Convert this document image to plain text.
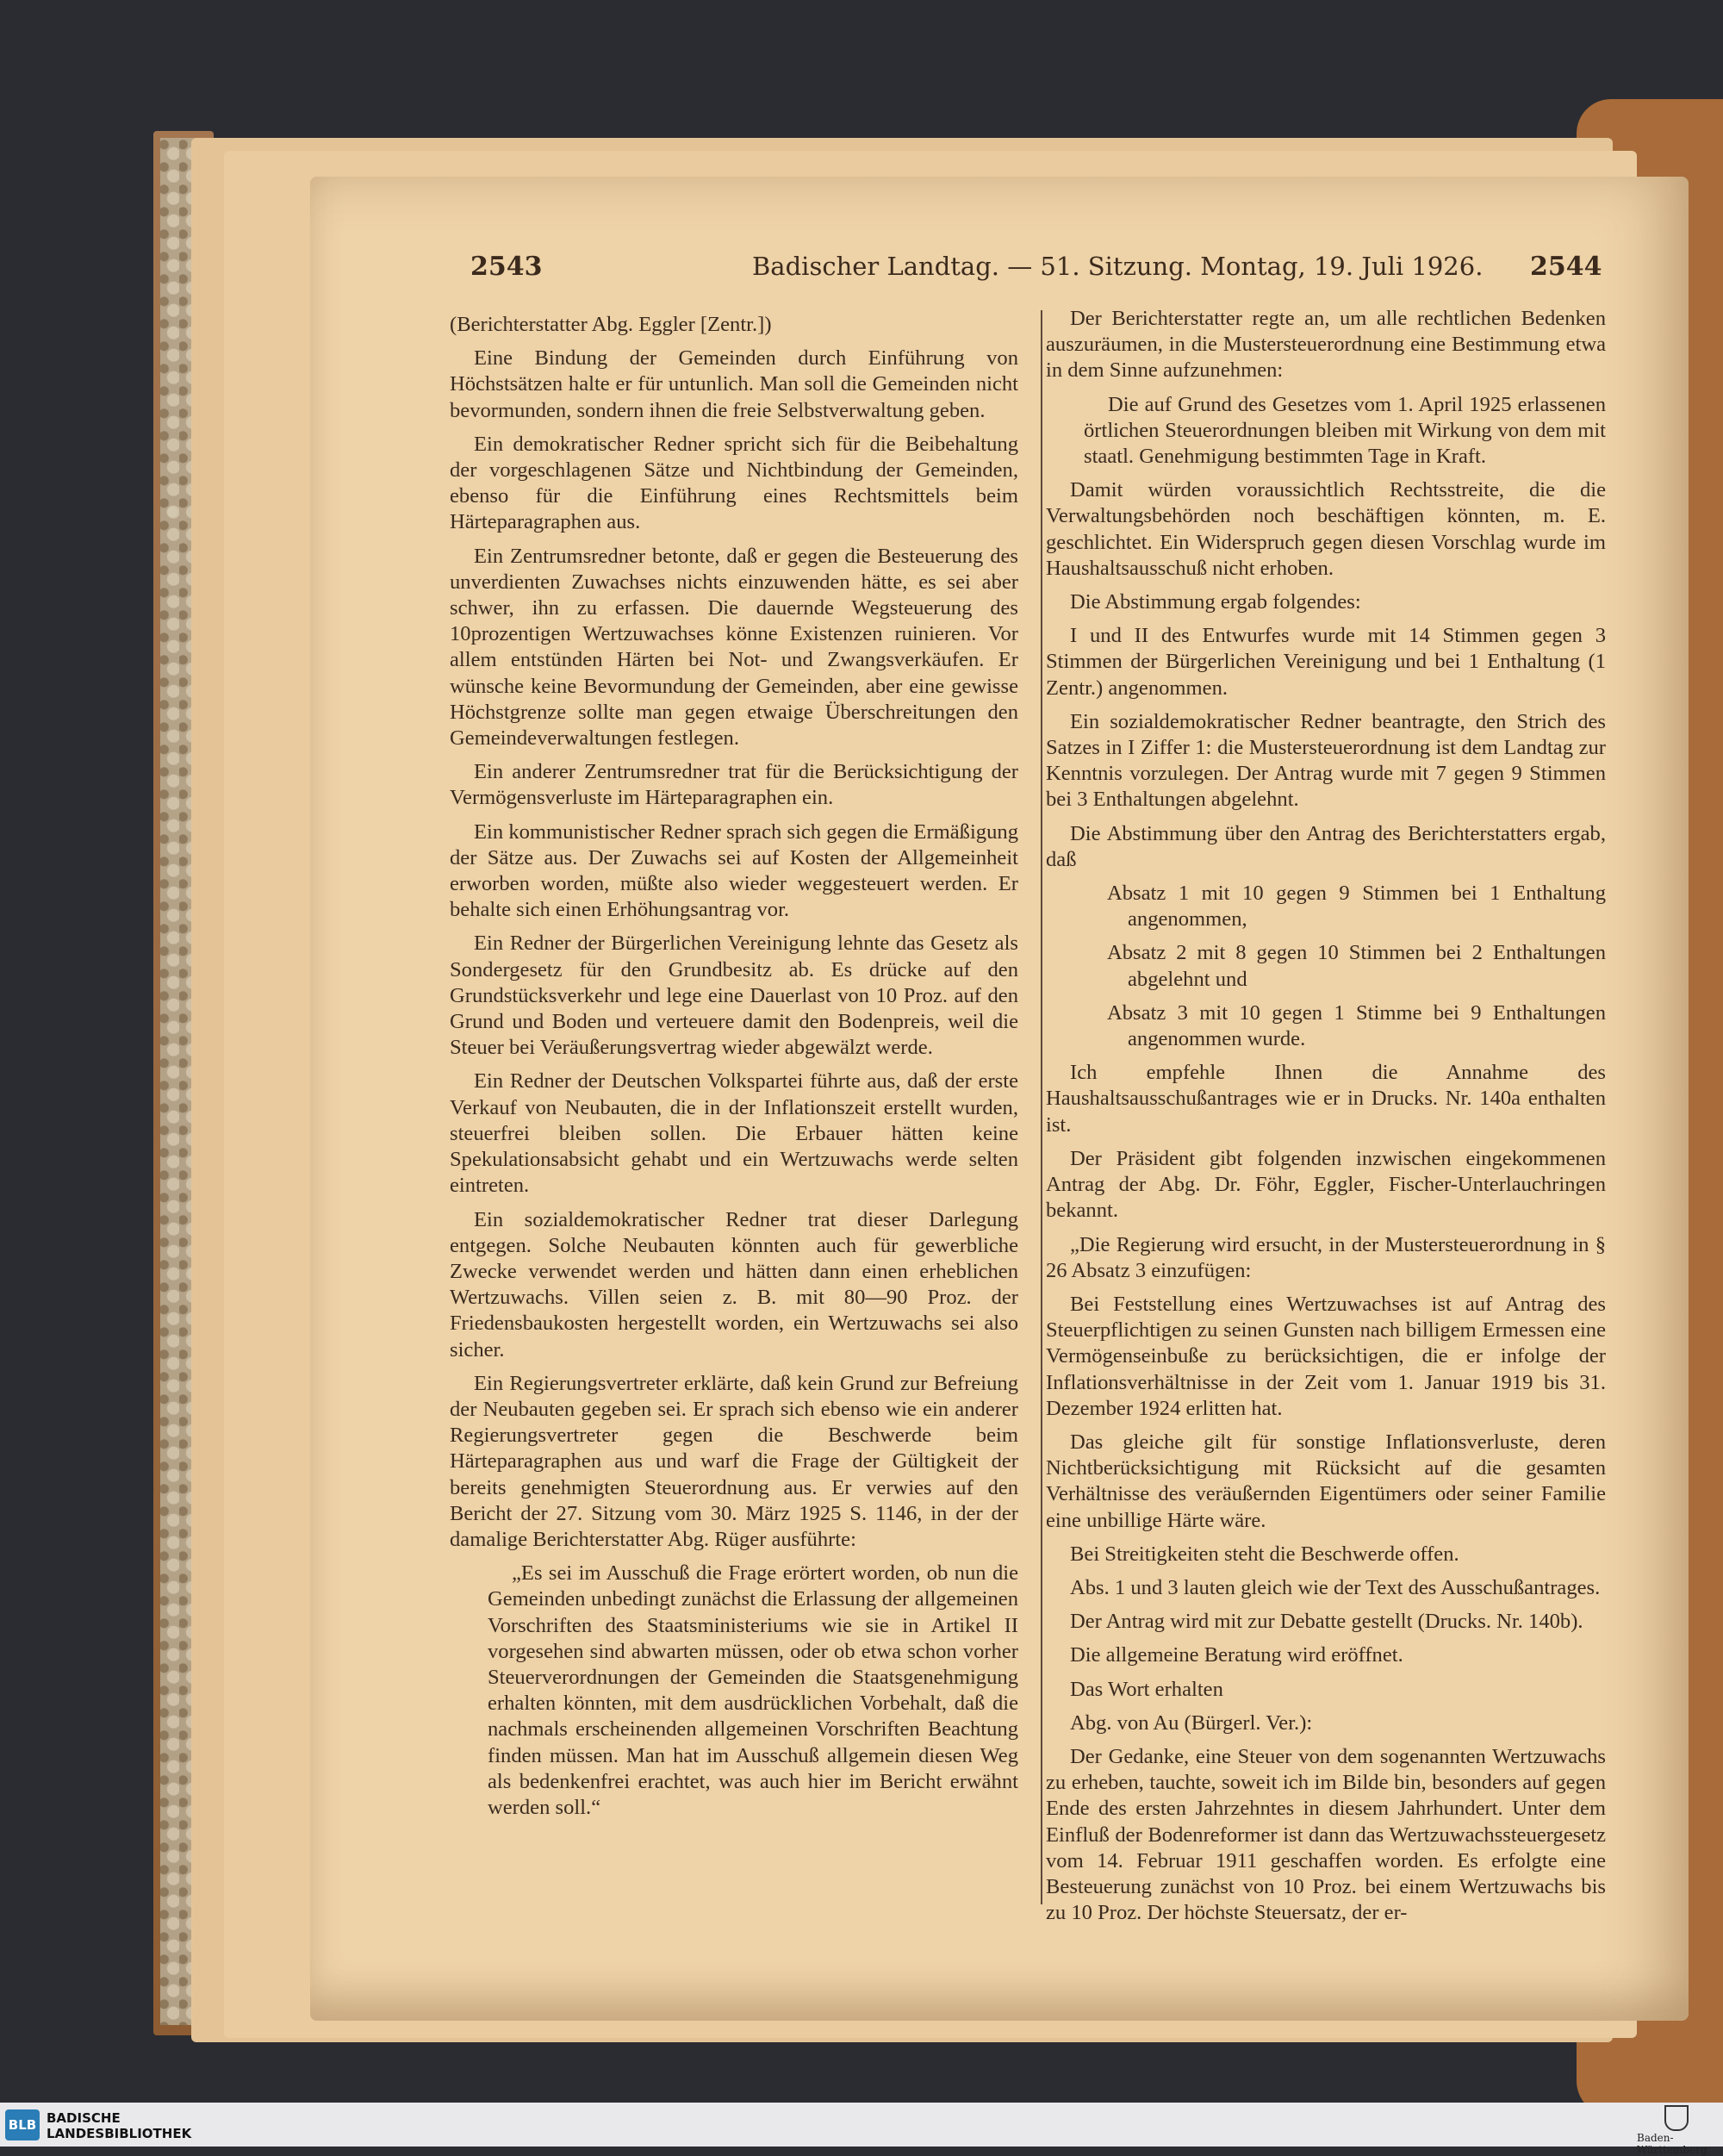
2543	Badischer Landtag. — 51. Sitzung. Montag, 19. Juli 1926. 2544

(Berichterstatter Abg. Eggler [Zentr.])

Eine Bindung der Gemeinden durch Einführung von Höchstsätzen halte er für untunlich. Man soll die Gemeinden nicht bevormunden, sondern ihnen die freie Selbstverwaltung geben.

Ein demokratischer Redner spricht sich für die Beibehaltung der vorgeschlagenen Sätze und Nichtbindung der Gemeinden, ebenso für die Einführung eines Rechtsmittels beim Härteparagraphen aus.

Ein Zentrumsredner betonte, daß er gegen die Besteuerung des unverdienten Zuwachses nichts einzuwenden hätte, es sei aber schwer, ihn zu erfassen. Die dauernde Wegsteuerung des 10prozentigen Wertzuwachses könne Existenzen ruinieren. Vor allem entstünden Härten bei Not- und Zwangsverkäufen. Er wünsche keine Bevormundung der Gemeinden, aber eine gewisse Höchstgrenze sollte man gegen etwaige Überschreitungen den Gemeindeverwaltungen festlegen.

Ein anderer Zentrumsredner trat für die Berücksichtigung der Vermögensverluste im Härteparagraphen ein.

Ein kommunistischer Redner sprach sich gegen die Ermäßigung der Sätze aus. Der Zuwachs sei auf Kosten der Allgemeinheit erworben worden, müßte also wieder weggesteuert werden. Er behalte sich einen Erhöhungsantrag vor.

Ein Redner der Bürgerlichen Vereinigung lehnte das Gesetz als Sondergesetz für den Grundbesitz ab. Es drücke auf den Grundstücksverkehr und lege eine Dauerlast von 10 Proz. auf den Grund und Boden und verteuere damit den Bodenpreis, weil die Steuer bei Veräußerungsvertrag wieder abgewälzt werde.

Ein Redner der Deutschen Volkspartei führte aus, daß der erste Verkauf von Neubauten, die in der Inflationszeit erstellt wurden, steuerfrei bleiben sollen. Die Erbauer hätten keine Spekulationsabsicht gehabt und ein Wertzuwachs werde selten eintreten.

Ein sozialdemokratischer Redner trat dieser Darlegung entgegen. Solche Neubauten könnten auch für gewerbliche Zwecke verwendet werden und hätten dann einen erheblichen Wertzuwachs. Villen seien z. B. mit 80—90 Proz. der Friedensbaukosten hergestellt worden, ein Wertzuwachs sei also sicher.

Ein Regierungsvertreter erklärte, daß kein Grund zur Befreiung der Neubauten gegeben sei. Er sprach sich ebenso wie ein anderer Regierungsvertreter gegen die Beschwerde beim Härteparagraphen aus und warf die Frage der Gültigkeit der bereits genehmigten Steuerordnung aus. Er verwies auf den Bericht der 27. Sitzung vom 30. März 1925 S. 1146, in der der damalige Berichterstatter Abg. Rüger ausführte:

„Es sei im Ausschuß die Frage erörtert worden, ob nun die Gemeinden unbedingt zunächst die Erlassung der allgemeinen Vorschriften des Staatsministeriums wie sie in Artikel II vorgesehen sind abwarten müssen, oder ob etwa schon vorher Steuerverordnungen der Gemeinden die Staatsgenehmigung erhalten könnten, mit dem ausdrücklichen Vorbehalt, daß die nachmals erscheinenden allgemeinen Vorschriften Beachtung finden müssen. Man hat im Ausschuß allgemein diesen Weg als bedenkenfrei erachtet, was auch hier im Bericht erwähnt werden soll.“

Der Berichterstatter regte an, um alle rechtlichen Bedenken auszuräumen, in die Mustersteuerordnung eine Bestimmung etwa in dem Sinne aufzunehmen:

Die auf Grund des Gesetzes vom 1. April 1925 erlassenen örtlichen Steuerordnungen bleiben mit Wirkung von dem mit staatl. Genehmigung bestimmten Tage in Kraft.

Damit würden voraussichtlich Rechtsstreite, die die Verwaltungsbehörden noch beschäftigen könnten, m. E. geschlichtet. Ein Widerspruch gegen diesen Vorschlag wurde im Haushaltsausschuß nicht erhoben.

Die Abstimmung ergab folgendes:

I und II des Entwurfes wurde mit 14 Stimmen gegen 3 Stimmen der Bürgerlichen Vereinigung und bei 1 Enthaltung (1 Zentr.) angenommen.

Ein sozialdemokratischer Redner beantragte, den Strich des Satzes in I Ziffer 1: die Mustersteuerordnung ist dem Landtag zur Kenntnis vorzulegen. Der Antrag wurde mit 7 gegen 9 Stimmen bei 3 Enthaltungen abgelehnt.

Die Abstimmung über den Antrag des Berichterstatters ergab, daß

Absatz 1 mit 10 gegen 9 Stimmen bei 1 Enthaltung angenommen,

Absatz 2 mit 8 gegen 10 Stimmen bei 2 Enthaltungen abgelehnt und

Absatz 3 mit 10 gegen 1 Stimme bei 9 Enthaltungen angenommen wurde.

Ich empfehle Ihnen die Annahme des Haushaltsausschußantrages wie er in Drucks. Nr. 140a enthalten ist.

Der Präsident gibt folgenden inzwischen eingekommenen Antrag der Abg. Dr. Föhr, Eggler, Fischer-Unterlauchringen bekannt.

„Die Regierung wird ersucht, in der Mustersteuerordnung in § 26 Absatz 3 einzufügen:

Bei Feststellung eines Wertzuwachses ist auf Antrag des Steuerpflichtigen zu seinen Gunsten nach billigem Ermessen eine Vermögenseinbuße zu berücksichtigen, die er infolge der Inflationsverhältnisse in der Zeit vom 1. Januar 1919 bis 31. Dezember 1924 erlitten hat.

Das gleiche gilt für sonstige Inflationsverluste, deren Nichtberücksichtigung mit Rücksicht auf die gesamten Verhältnisse des veräußernden Eigentümers oder seiner Familie eine unbillige Härte wäre.

Bei Streitigkeiten steht die Beschwerde offen.

Abs. 1 und 3 lauten gleich wie der Text des Ausschußantrages.

Der Antrag wird mit zur Debatte gestellt (Drucks. Nr. 140b).

Die allgemeine Beratung wird eröffnet.

Das Wort erhalten

Abg. von Au (Bürgerl. Ver.):

Der Gedanke, eine Steuer von dem sogenannten Wertzuwachs zu erheben, tauchte, soweit ich im Bilde bin, besonders auf gegen Ende des ersten Jahrzehntes in diesem Jahrhundert. Unter dem Einfluß der Bodenreformer ist dann das Wertzuwachssteuergesetz vom 14. Februar 1911 geschaffen worden. Es erfolgte eine Besteuerung zunächst von 10 Proz. bei einem Wertzuwachs bis zu 10 Proz. Der höchste Steuersatz, der er-

BLB BADISCHE
LANDESBIBLIOTHEK	Baden-Württemberg
